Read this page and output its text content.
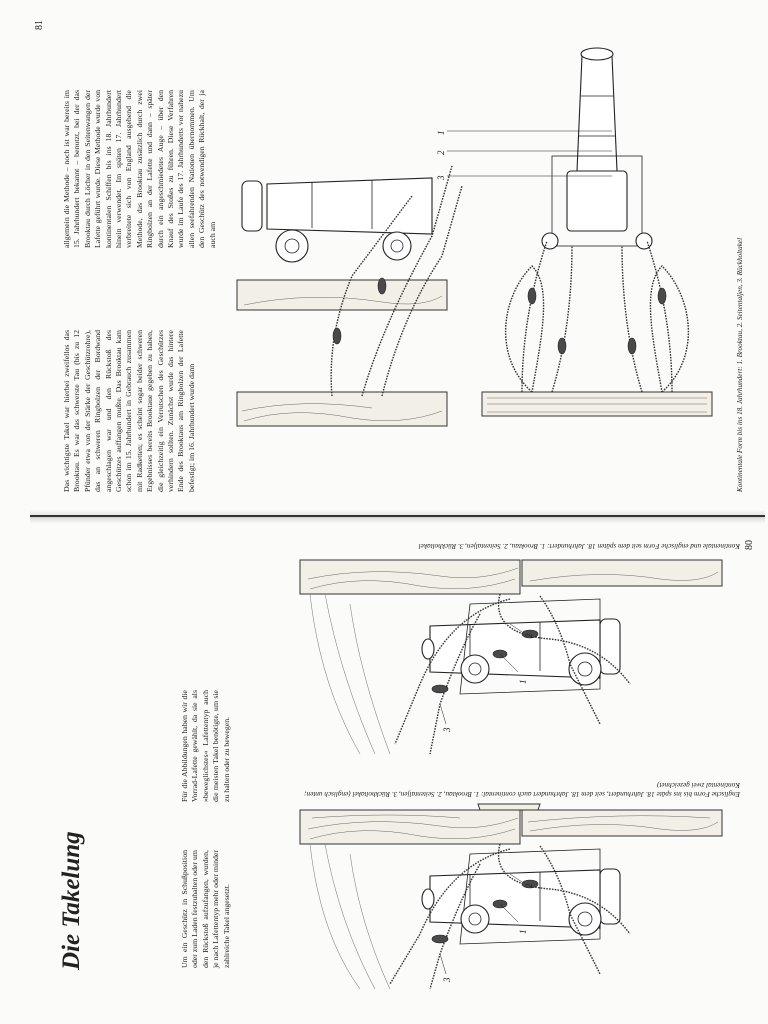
Die Takelung	Um ein Geschütz in Schußposition oder zum Laden festzuhalten oder um den Rückstoß aufzufangen, wurden, je nach Lafettentyp mehr oder minder zahlreiche Takel angesetzt.

Für die Abbildungen haben wir die Vorrad-Lafette gewählt, da sie als »beweglichstes« Lafettentyp auch die meisten Takel benötigte, um sie zu halten oder zu bewegen.

1
2
3

Englische Form bis ins späte 18. Jahrhundert, seit dem 18. Jahrhundert auch continental: 1. Brooktau, 2. Seitentaljen, 3. Rückholtakel (englisch unten; Kontinental zwei gezeichnet)

1
2
3

Kontinentale und englische Form seit dem späten 18. Jahrhundert: 1. Brooktau, 2. Seitentaljen, 3. Rückholtakel 80

Das wichtigste Takel war hierbei zweifellos das Brooktau. Es war das schwerste Tau (bis zu 12 Pfünder etwa von der Stärke der Geschützrohre), das an schweren Ringbolzen der Bordwand angeschlagen war und den Rückstoß des Geschützes auffangen mußte. Das Brooktau kam schon im 15. Jahrhundert in Gebrauch zusammen mit Radketten; es scheint sogar beider schweren Ergebnisses bereits Brooktaue gegeben zu haben, die gleichzeitig ein Verrutschen des Geschützes verhindern sollten. Zunächst wurde das hintere Ende des Brooktaus am Ringbolzen der Lafette befestigt; im 16. Jahrhundert wurde dann

allgemein die Methode – noch ist war bereits im 15. Jahrhundert bekannt – benutzt, bei der das Brooktau durch Löcher in den Seitenwangen der Lafette geführt wurde. Diese Methode wurde von kontinentalen Schiffen bis ins 18. Jahrhundert hinein verwendet. Im späten 17. Jahrhundert verbreitete sich von England ausgehend die Methode, das Brooktau zusätzlich durch zwei Ringbolzen an der Lafette und dann – später durch ein angeschmiedetes Auge – über den Knauf des Stoßes zu führen. Diese Verfahren wurde im Laufe des 17. Jahrhunderts vor nahezu allen seefahrenden Nationen übernommen. Um den Geschütz des notwendigen Rückhalt, der ja auch am

3
2
1

Kontinentale Form bis ins 18. Jahrhundert: 1. Brooktau, 2. Seitentaljen, 3. Rückholtakel

81
